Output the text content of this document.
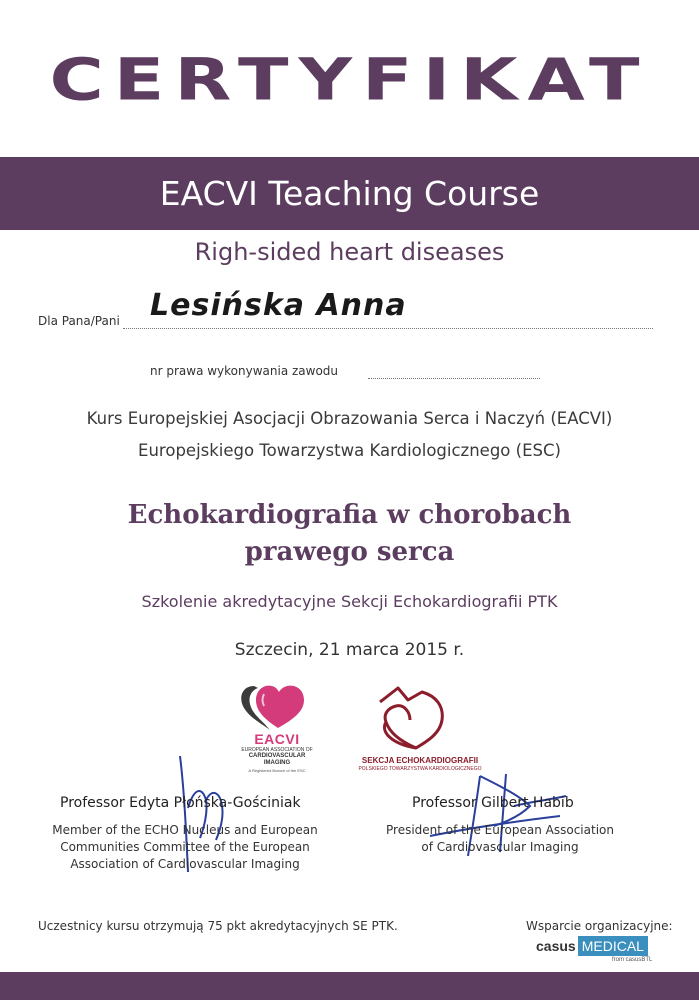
CERTYFIKAT
EACVI Teaching Course
Righ-sided heart diseases
Dla Pana/Pani Lesińska Anna
nr prawa wykonywania zawodu
Kurs Europejskiej Asocjacji Obrazowania Serca i Naczyń (EACVI)
Europejskiego Towarzystwa Kardiologicznego (ESC)
Echokardiografia w chorobach
prawego serca
Szkolenie akredytacyjne Sekcji Echokardiografii PTK
Szczecin, 21 marca 2015 r.
EACVI
EUROPEAN ASSOCIATION OF
CARDIOVASCULAR
IMAGING
A Registered Branch of the ESC
SEKCJA ECHOKARDIOGRAFII
POLSKIEGO TOWARZYSTWA KARDIOLOGICZNEGO
Professor Edyta Płońska-Gościniak
Member of the ECHO Nucleus and European
Communities Committee of the European
Association of Cardiovascular Imaging
Professor Gilbert Habib
President of the European Association
of Cardiovascular Imaging
Uczestnicy kursu otrzymują 75 pkt akredytacyjnych SE PTK.	Wsparcie organizacyjne:
casus MEDICAL
from casusBTL
